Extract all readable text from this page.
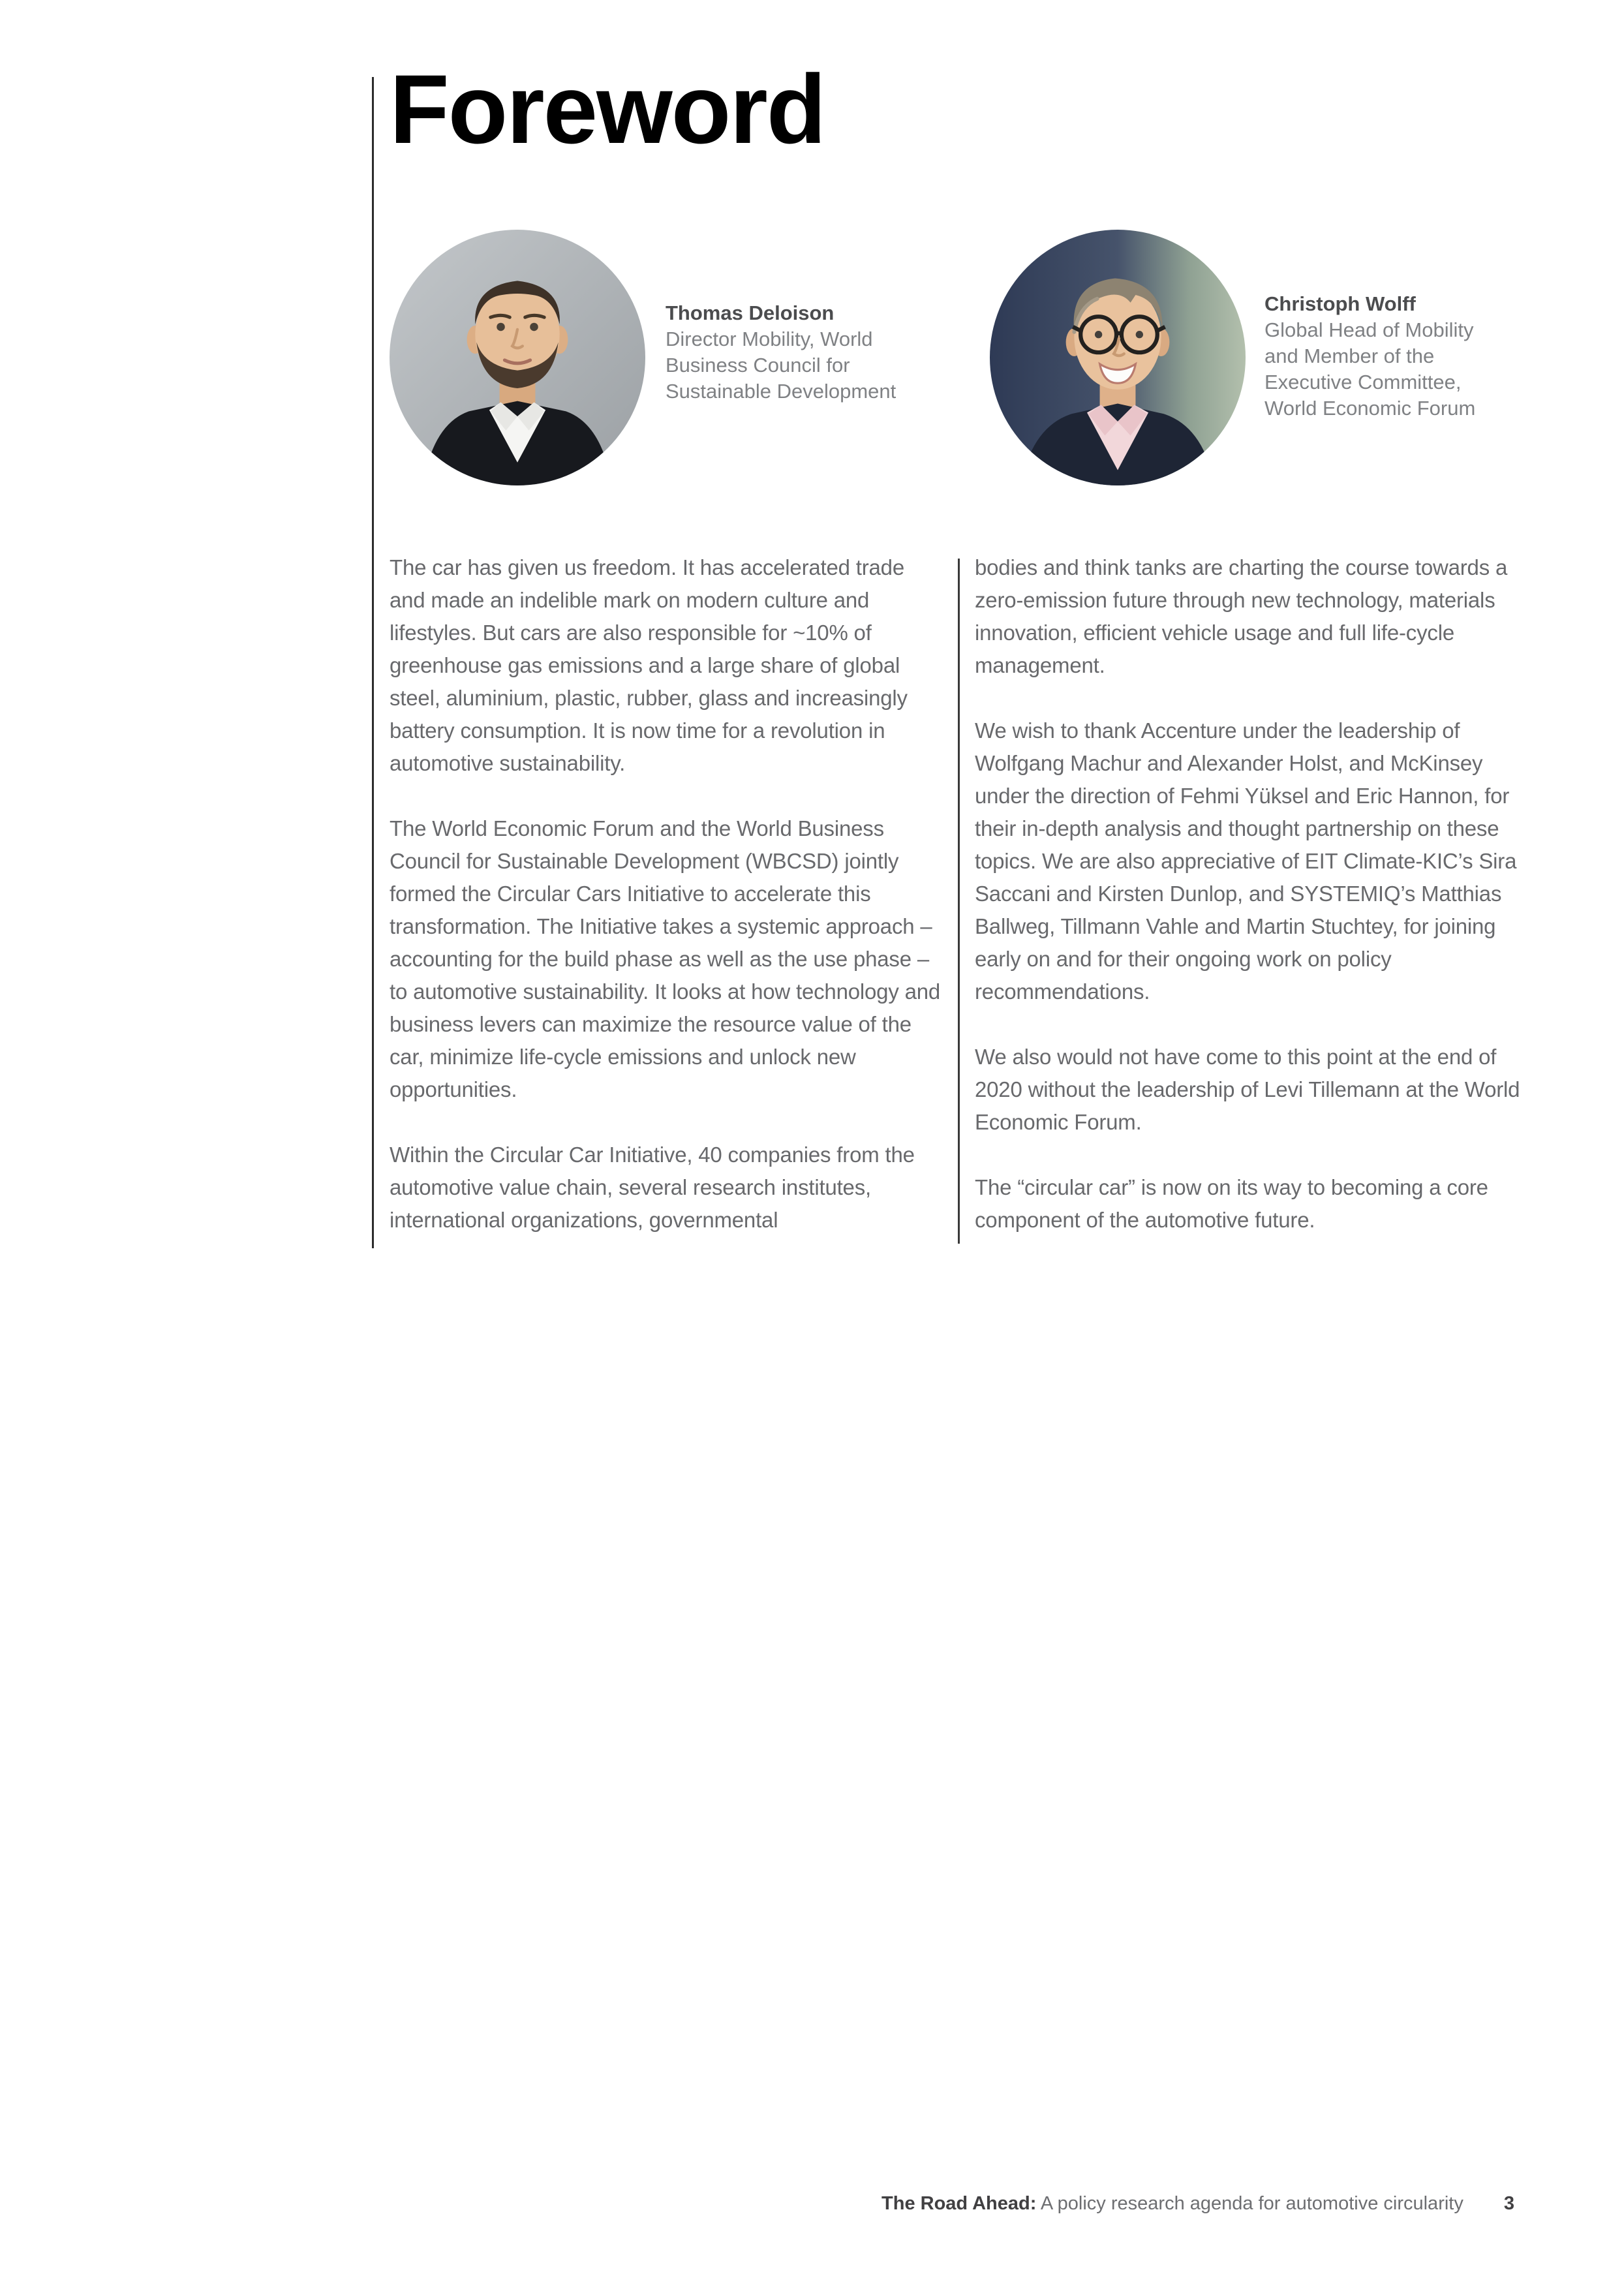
Foreword
Thomas Deloison
Director Mobility, World
Business Council for
Sustainable Development
Christoph Wolff
Global Head of Mobility
and Member of the
Executive Committee,
World Economic Forum

The car has given us freedom. It has accelerated trade and made an indelible mark on modern culture and lifestyles. But cars are also responsible for ~10% of greenhouse gas emissions and a large share of global steel, aluminium, plastic, rubber, glass and increasingly battery consumption. It is now time for a revolution in automotive sustainability.

The World Economic Forum and the World Business Council for Sustainable Development (WBCSD) jointly formed the Circular Cars Initiative to accelerate this transformation. The Initiative takes a systemic approach – accounting for the build phase as well as the use phase – to automotive sustainability. It looks at how technology and business levers can maximize the resource value of the car, minimize life-cycle emissions and unlock new opportunities.

Within the Circular Car Initiative, 40 companies from the automotive value chain, several research institutes, international organizations, governmental

bodies and think tanks are charting the course towards a zero-emission future through new technology, materials innovation, efficient vehicle usage and full life-cycle management.

We wish to thank Accenture under the leadership of Wolfgang Machur and Alexander Holst, and McKinsey under the direction of Fehmi Yüksel and Eric Hannon, for their in-depth analysis and thought partnership on these topics. We are also appreciative of EIT Climate-KIC’s Sira Saccani and Kirsten Dunlop, and SYSTEMIQ’s Matthias Ballweg, Tillmann Vahle and Martin Stuchtey, for joining early on and for their ongoing work on policy recommendations.

We also would not have come to this point at the end of 2020 without the leadership of Levi Tillemann at the World Economic Forum.

The “circular car” is now on its way to becoming a core component of the automotive future.

The Road Ahead: A policy research agenda for automotive circularity 3
